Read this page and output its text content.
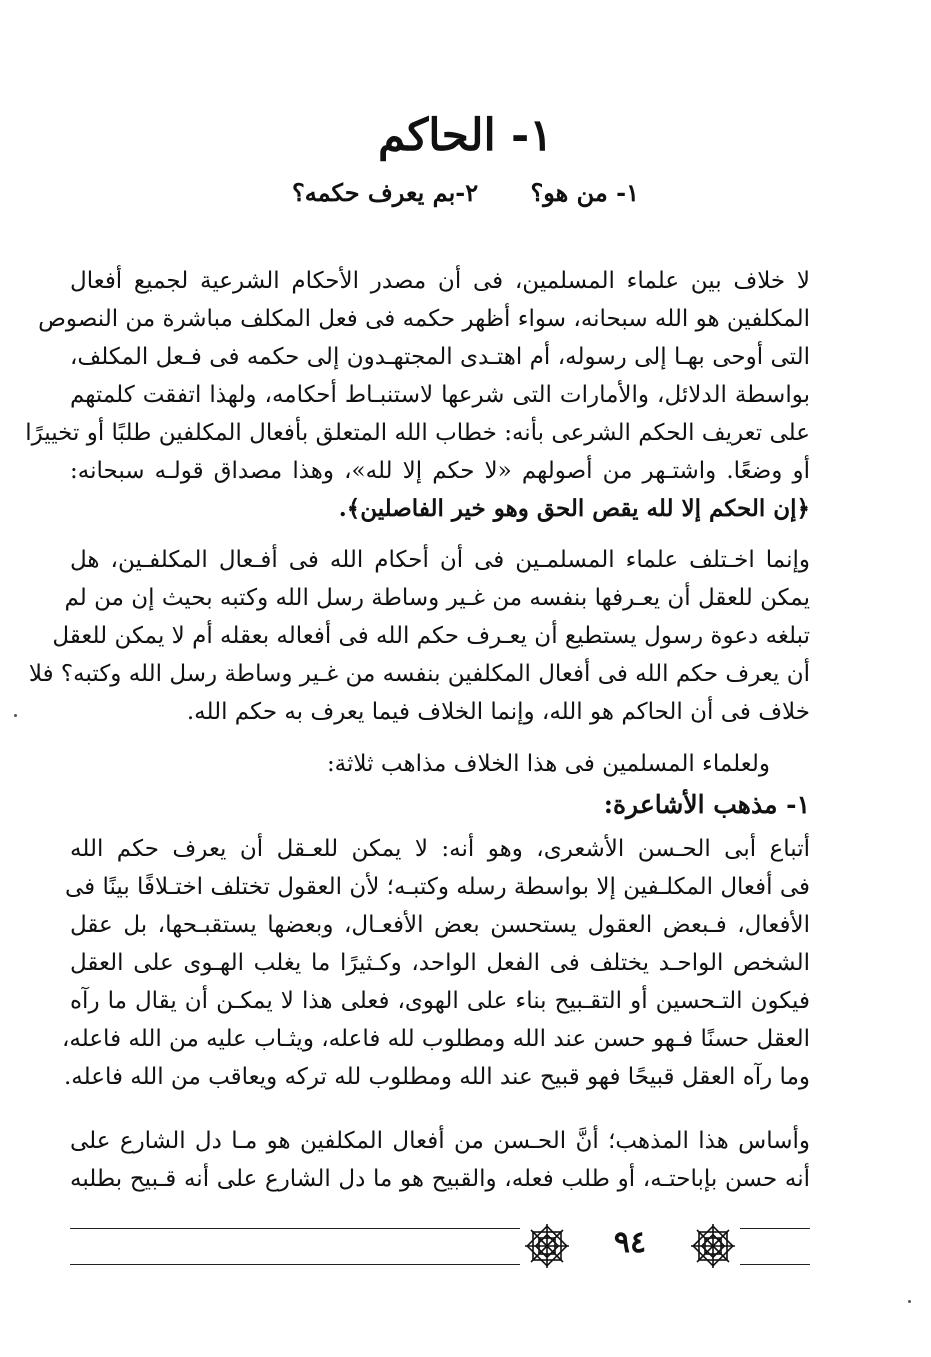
١- الحاكم
١- من هو؟ ٢-بم يعرف حكمه؟
لا خلاف بين علماء المسلمين، فى أن مصدر الأحكام الشرعية لجميع أفعال
المكلفين هو الله سبحانه، سواء أظهر حكمه فى فعل المكلف مباشرة من النصوص
التى أوحى بهـا إلى رسوله، أم اهتـدى المجتهـدون إلى حكمه فى فـعل المكلف،
بواسطة الدلائل، والأمارات التى شرعها لاستنبـاط أحكامه، ولهذا اتفقت كلمتهم
على تعريف الحكم الشرعى بأنه: خطاب الله المتعلق بأفعال المكلفين طلبًا أو تخييرًا
أو وضعًا. واشتـهر من أصولهم «لا حكم إلا لله»، وهذا مصداق قولـه سبحانه:
﴿إن الحكم إلا لله يقص الحق وهو خير الفاصلين﴾.
وإنما اخـتلف علماء المسلمـين فى أن أحكام الله فى أفـعال المكلفـين، هل
يمكن للعقل أن يعـرفها بنفسه من غـير وساطة رسل الله وكتبه بحيث إن من لم
تبلغه دعوة رسول يستطيع أن يعـرف حكم الله فى أفعاله بعقله أم لا يمكن للعقل
أن يعرف حكم الله فى أفعال المكلفين بنفسه من غـير وساطة رسل الله وكتبه؟ فلا
خلاف فى أن الحاكم هو الله، وإنما الخلاف فيما يعرف به حكم الله.
ولعلماء المسلمين فى هذا الخلاف مذاهب ثلاثة:
١- مذهب الأشاعرة:
أتباع أبى الحـسن الأشعرى، وهو أنه: لا يمكن للعـقل أن يعرف حكم الله
فى أفعال المكلـفين إلا بواسطة رسله وكتبـه؛ لأن العقول تختلف اختـلافًا بينًا فى
الأفعال، فـبعض العقول يستحسن بعض الأفعـال، وبعضها يستقبـحها، بل عقل
الشخص الواحـد يختلف فى الفعل الواحد، وكـثيرًا ما يغلب الهـوى على العقل
فيكون التـحسين أو التقـبيح بناء على الهوى، فعلى هذا لا يمكـن أن يقال ما رآه
العقل حسنًا فـهو حسن عند الله ومطلوب لله فاعله، ويثـاب عليه من الله فاعله،
وما رآه العقل قبيحًا فهو قبيح عند الله ومطلوب لله تركه ويعاقب من الله فاعله.
وأساس هذا المذهب؛ أنَّ الحـسن من أفعال المكلفين هو مـا دل الشارع على
أنه حسن بإباحتـه، أو طلب فعله، والقبيح هو ما دل الشارع على أنه قـبيح بطلبه
٩٤
